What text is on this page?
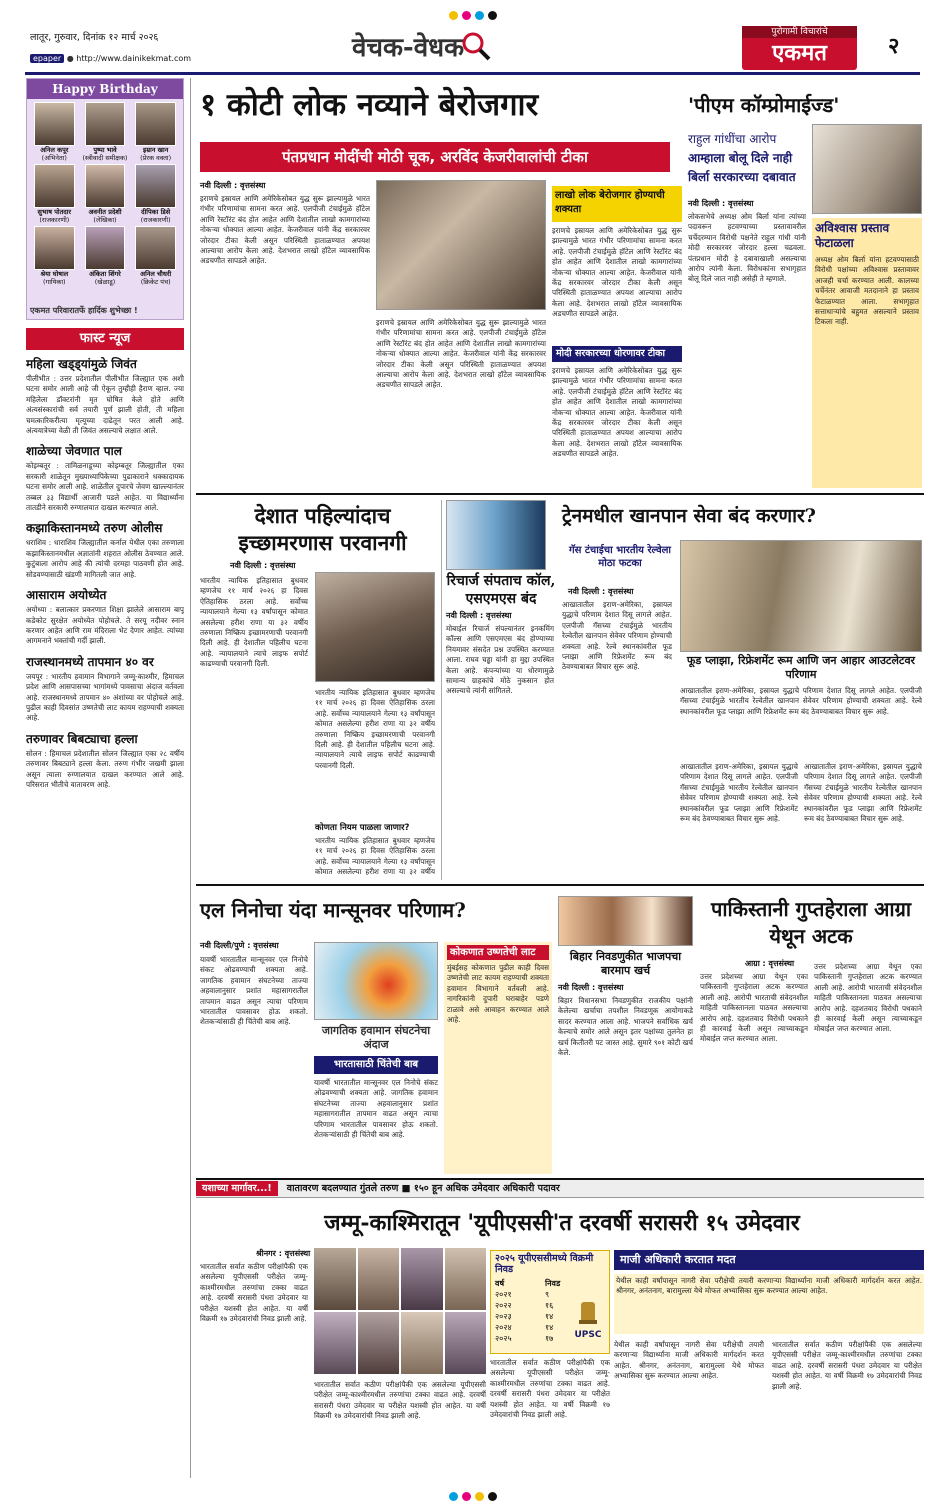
लातूर, गुरुवार, दिनांक १२ मार्च २०२६
epaper ● http://www.dainikekmat.com	वेचक-वेधक
पुरोगामी विचारांचे
एकमत	२
Happy Birthday
अनिल कपूर
(अभिनेता)
पुष्पा भावे
(स्त्रीवादी समीक्षक)
इम्रान खान
(प्रेरक वक्ता)
सुभाष पोतदार
(राजकारणी)
अवनीत प्रदेशी
(लेखिका)
दीपिका डिसे
(राजकारणी)
श्रेया घोषाल
(गायिका)
अंकिता शिंगरे
(खेळाडू)
अनिल चौधरी
(क्रिकेट पंच)
एकमत परिवारातर्फे हार्दिक शुभेच्छा !
फास्ट न्यूज
महिला खड्ड्यांमुळे जिवंत
पीलीभीत : उत्तर प्रदेशातील पीलीभीत जिल्ह्यात एक अशी घटना समोर आली आहे जी ऐकून तुम्हीही हैराण व्हाल. ज्या महिलेला डॉक्टरांनी मृत घोषित केले होते आणि अंत्यसंस्कारांची सर्व तयारी पूर्ण झाली होती, ती महिला चमत्कारिकरीत्या मृत्यूच्या दाढेतून परत आली आहे. अंत्ययात्रेच्या वेळी ती जिवंत असल्याचे लक्षात आले.
शाळेच्या जेवणात पाल
कोइम्बतूर : तामिळनाडूच्या कोइम्बतूर जिल्ह्यातील एका सरकारी शाळेतून मुख्याध्यापिकेच्या पुढाकाराने धक्कादायक घटना समोर आली आहे. शाळेतील दुपारचे जेवण खाल्ल्यानंतर तब्बल ३३ विद्यार्थी आजारी पडले आहेत. या विद्यार्थ्यांना तातडीने सरकारी रुग्णालयात दाखल करण्यात आले.
कझाकिस्तानमध्ये तरुण ओलीस
धराशिव : धाराशिव जिल्ह्यातील कर्नाल येथील एका तरुणाला कझाकिस्तानमधील अज्ञातांनी शहरात ओलीस ठेवण्यात आले. कुटुंबाला आरोप आहे की त्यांची दरमहा पाठवणी होत आहे. सोडवण्यासाठी खंडणी मागितली जात आहे.
आसाराम अयोध्येत
अयोध्या : बलात्कार प्रकरणात शिक्षा झालेले आसाराम बापू कडेकोट सुरक्षेत अयोध्येत पोहोचले. ते सरयू नदीवर स्नान करणार आहेत आणि राम मंदिराला भेट देणार आहेत. त्यांच्या आगमनाने भक्तांची गर्दी झाली.
राजस्थानमध्ये तापमान ४० वर
जयपूर : भारतीय हवामान विभागाने जम्मू-काश्मीर, हिमाचल प्रदेश आणि आसपासच्या भागांमध्ये पावसाचा अंदाज वर्तवला आहे. राजस्थानमध्ये तापमान ४० अंशांच्या वर पोहोचले आहे. पुढील काही दिवसांत उष्णतेची लाट कायम राहण्याची शक्यता आहे.
तरुणावर बिबट्याचा हल्ला
सोलन : हिमाचल प्रदेशातील सोलन जिल्ह्यात एका २८ वर्षीय तरुणावर बिबट्याने हल्ला केला. तरुण गंभीर जखमी झाला असून त्याला रुग्णालयात दाखल करण्यात आले आहे. परिसरात भीतीचे वातावरण आहे.
१ कोटी लोक नव्याने बेरोजगार
पंतप्रधान मोदींची मोठी चूक, अरविंद केजरीवालांची टीका
नवी दिल्ली : वृत्तसंस्था
इराणचे इस्रायल आणि अमेरिकेसोबत युद्ध सुरू झाल्यामुळे भारत गंभीर परिणामांचा सामना करत आहे. एलपीजी टंचाईमुळे हॉटेल आणि रेस्टॉरंट बंद होत आहेत आणि देशातील लाखो कामगारांच्या नोकऱ्या धोक्यात आल्या आहेत. केजरीवाल यांनी केंद्र सरकारवर जोरदार टीका केली असून परिस्थिती हाताळण्यात अपयश आल्याचा आरोप केला आहे. देशभरात लाखो हॉटेल व्यावसायिक अडचणीत सापडले आहेत.
इराणचे इस्रायल आणि अमेरिकेसोबत युद्ध सुरू झाल्यामुळे भारत गंभीर परिणामांचा सामना करत आहे. एलपीजी टंचाईमुळे हॉटेल आणि रेस्टॉरंट बंद होत आहेत आणि देशातील लाखो कामगारांच्या नोकऱ्या धोक्यात आल्या आहेत. केजरीवाल यांनी केंद्र सरकारवर जोरदार टीका केली असून परिस्थिती हाताळण्यात अपयश आल्याचा आरोप केला आहे. देशभरात लाखो हॉटेल व्यावसायिक अडचणीत सापडले आहेत.
लाखो लोक बेरोजगार होण्याची शक्यता
इराणचे इस्रायल आणि अमेरिकेसोबत युद्ध सुरू झाल्यामुळे भारत गंभीर परिणामांचा सामना करत आहे. एलपीजी टंचाईमुळे हॉटेल आणि रेस्टॉरंट बंद होत आहेत आणि देशातील लाखो कामगारांच्या नोकऱ्या धोक्यात आल्या आहेत. केजरीवाल यांनी केंद्र सरकारवर जोरदार टीका केली असून परिस्थिती हाताळण्यात अपयश आल्याचा आरोप केला आहे. देशभरात लाखो हॉटेल व्यावसायिक अडचणीत सापडले आहेत.
मोदी सरकारच्या धोरणावर टीका
इराणचे इस्रायल आणि अमेरिकेसोबत युद्ध सुरू झाल्यामुळे भारत गंभीर परिणामांचा सामना करत आहे. एलपीजी टंचाईमुळे हॉटेल आणि रेस्टॉरंट बंद होत आहेत आणि देशातील लाखो कामगारांच्या नोकऱ्या धोक्यात आल्या आहेत. केजरीवाल यांनी केंद्र सरकारवर जोरदार टीका केली असून परिस्थिती हाताळण्यात अपयश आल्याचा आरोप केला आहे. देशभरात लाखो हॉटेल व्यावसायिक अडचणीत सापडले आहेत.
'पीएम कॉम्प्रोमाईज्ड'
राहुल गांधींचा आरोप
आम्हाला बोलू दिले नाही
बिर्ला सरकारच्या दबावात
नवी दिल्ली : वृत्तसंस्था
लोकसभेचे अध्यक्ष ओम बिर्ला यांना त्यांच्या पदावरून हटवण्याच्या प्रस्तावावरील चर्चेदरम्यान विरोधी पक्षनेते राहुल गांधी यांनी मोदी सरकारवर जोरदार हल्ला चढवला. पंतप्रधान मोदी हे दबावाखाली असल्याचा आरोप त्यांनी केला. विरोधकांना सभागृहात बोलू दिले जात नाही असेही ते म्हणाले.
अविश्वास प्रस्ताव फेटाळला
अध्यक्ष ओम बिर्ला यांना हटवण्यासाठी विरोधी पक्षांच्या अविश्वास प्रस्तावावर आजही चर्चा करण्यात आली. कालच्या चर्चेनंतर आवाजी मतदानाने हा प्रस्ताव फेटाळण्यात आला. सभागृहात सत्ताधाऱ्यांचे बहुमत असल्याने प्रस्ताव टिकला नाही.
देशात पहिल्यांदाच इच्छामरणास परवानगी
नवी दिल्ली : वृत्तसंस्था
भारतीय न्यायिक इतिहासात बुधवार म्हणजेच ११ मार्च २०२६ हा दिवस ऐतिहासिक ठरला आहे. सर्वोच्च न्यायालयाने गेल्या १३ वर्षांपासून कोमात असलेल्या हरीश राणा या ३२ वर्षीय तरुणाला निष्क्रिय इच्छामरणाची परवानगी दिली आहे. ही देशातील पहिलीच घटना आहे. न्यायालयाने त्याचे लाइफ सपोर्ट काढण्याची परवानगी दिली.
भारतीय न्यायिक इतिहासात बुधवार म्हणजेच ११ मार्च २०२६ हा दिवस ऐतिहासिक ठरला आहे. सर्वोच्च न्यायालयाने गेल्या १३ वर्षांपासून कोमात असलेल्या हरीश राणा या ३२ वर्षीय तरुणाला निष्क्रिय इच्छामरणाची परवानगी दिली आहे. ही देशातील पहिलीच घटना आहे. न्यायालयाने त्याचे लाइफ सपोर्ट काढण्याची परवानगी दिली.
कोणता नियम पाळला जाणार?
भारतीय न्यायिक इतिहासात बुधवार म्हणजेच ११ मार्च २०२६ हा दिवस ऐतिहासिक ठरला आहे. सर्वोच्च न्यायालयाने गेल्या १३ वर्षांपासून कोमात असलेल्या हरीश राणा या ३२ वर्षीय
रिचार्ज संपताच कॉल, एसएमएस बंद
नवी दिल्ली : वृत्तसंस्था
मोबाईल रिचार्ज संपल्यानंतर इनकमिंग कॉल्स आणि एसएमएस बंद होण्याच्या नियमावर संसदेत प्रश्न उपस्थित करण्यात आला. राघव चड्ढा यांनी हा मुद्दा उपस्थित केला आहे. कंपन्यांच्या या धोरणामुळे सामान्य ग्राहकांचे मोठे नुकसान होत असल्याचे त्यांनी सांगितले.
ट्रेनमधील खानपान सेवा बंद करणार?
गॅस टंचाईचा भारतीय रेल्वेला मोठा फटका
नवी दिल्ली : वृत्तसंस्था
आखातातील इराण-अमेरिका, इस्रायल युद्धाचे परिणाम देशात दिसू लागले आहेत. एलपीजी गॅसच्या टंचाईमुळे भारतीय रेल्वेतील खानपान सेवेवर परिणाम होण्याची शक्यता आहे. रेल्वे स्थानकांवरील फूड प्लाझा आणि रिफ्रेशमेंट रूम बंद ठेवण्याबाबत विचार सुरू आहे.	फूड प्लाझा, रिफ्रेशमेंट रूम आणि जन आहार आउटलेटवर परिणाम
आखातातील इराण-अमेरिका, इस्रायल युद्धाचे परिणाम देशात दिसू लागले आहेत. एलपीजी गॅसच्या टंचाईमुळे भारतीय रेल्वेतील खानपान सेवेवर परिणाम होण्याची शक्यता आहे. रेल्वे स्थानकांवरील फूड प्लाझा आणि रिफ्रेशमेंट रूम बंद ठेवण्याबाबत विचार सुरू आहे.
आखातातील इराण-अमेरिका, इस्रायल युद्धाचे परिणाम देशात दिसू लागले आहेत. एलपीजी गॅसच्या टंचाईमुळे भारतीय रेल्वेतील खानपान सेवेवर परिणाम होण्याची शक्यता आहे. रेल्वे स्थानकांवरील फूड प्लाझा आणि रिफ्रेशमेंट रूम बंद ठेवण्याबाबत विचार सुरू आहे.
आखातातील इराण-अमेरिका, इस्रायल युद्धाचे परिणाम देशात दिसू लागले आहेत. एलपीजी गॅसच्या टंचाईमुळे भारतीय रेल्वेतील खानपान सेवेवर परिणाम होण्याची शक्यता आहे. रेल्वे स्थानकांवरील फूड प्लाझा आणि रिफ्रेशमेंट रूम बंद ठेवण्याबाबत विचार सुरू आहे.
एल निनोचा यंदा मान्सूनवर परिणाम?
नवी दिल्ली/पुणे : वृत्तसंस्था
यावर्षी भारतातील मान्सूनवर एल निनोचे संकट ओढवण्याची शक्यता आहे. जागतिक हवामान संघटनेच्या ताज्या अहवालानुसार प्रशांत महासागरातील तापमान वाढत असून त्याचा परिणाम भारतातील पावसावर होऊ शकतो. शेतकऱ्यांसाठी ही चिंतेची बाब आहे.
जागतिक हवामान संघटनेचा अंदाज
भारतासाठी चिंतेची बाब
यावर्षी भारतातील मान्सूनवर एल निनोचे संकट ओढवण्याची शक्यता आहे. जागतिक हवामान संघटनेच्या ताज्या अहवालानुसार प्रशांत महासागरातील तापमान वाढत असून त्याचा परिणाम भारतातील पावसावर होऊ शकतो. शेतकऱ्यांसाठी ही चिंतेची बाब आहे.
कोकणात उष्णतेची लाट
मुंबईसह कोकणात पुढील काही दिवस उष्णतेची लाट कायम राहण्याची शक्यता हवामान विभागाने वर्तवली आहे. नागरिकांनी दुपारी घराबाहेर पडणे टाळावे असे आवाहन करण्यात आले आहे.
बिहार निवडणुकीत भाजपचा बारमाप खर्च
नवी दिल्ली : वृत्तसंस्था
बिहार विधानसभा निवडणुकीत राजकीय पक्षांनी केलेल्या खर्चाचा तपशील निवडणूक आयोगाकडे सादर करण्यात आला आहे. भाजपने सर्वाधिक खर्च केल्याचे समोर आले असून इतर पक्षांच्या तुलनेत हा खर्च कितीतरी पट जास्त आहे. सुमारे ९०१ कोटी खर्च केले.
पाकिस्तानी गुप्तहेराला आग्रा येथून अटक
आग्रा : वृत्तसंस्था
उत्तर प्रदेशच्या आग्रा येथून एका पाकिस्तानी गुप्तहेराला अटक करण्यात आली आहे. आरोपी भारताची संवेदनशील माहिती पाकिस्तानला पाठवत असल्याचा आरोप आहे. दहशतवाद विरोधी पथकाने ही कारवाई केली असून त्याच्याकडून मोबाईल जप्त करण्यात आला.
उत्तर प्रदेशच्या आग्रा येथून एका पाकिस्तानी गुप्तहेराला अटक करण्यात आली आहे. आरोपी भारताची संवेदनशील माहिती पाकिस्तानला पाठवत असल्याचा आरोप आहे. दहशतवाद विरोधी पथकाने ही कारवाई केली असून त्याच्याकडून मोबाईल जप्त करण्यात आला.
यशाच्या मार्गावर...! वातावरण बदलण्यात गुंतले तरुण ■ १५० हून अधिक उमेदवार अधिकारी पदावर
जम्मू-काश्मिरातून 'यूपीएससी'त दरवर्षी सरासरी १५ उमेदवार
श्रीनगर : वृत्तसंस्था
भारतातील सर्वात कठीण परीक्षांपैकी एक असलेल्या यूपीएससी परीक्षेत जम्मू-काश्मीरमधील तरुणांचा टक्का वाढत आहे. दरवर्षी सरासरी पंधरा उमेदवार या परीक्षेत यशस्वी होत आहेत. या वर्षी विक्रमी १७ उमेदवारांची निवड झाली आहे.
भारतातील सर्वात कठीण परीक्षांपैकी एक असलेल्या यूपीएससी परीक्षेत जम्मू-काश्मीरमधील तरुणांचा टक्का वाढत आहे. दरवर्षी सरासरी पंधरा उमेदवार या परीक्षेत यशस्वी होत आहेत. या वर्षी विक्रमी १७ उमेदवारांची निवड झाली आहे.
२०२५ यूपीएससीमध्ये विक्रमी निवड
वर्ष	निवड
२०२१	९
२०२२	१६
२०२३	१४
२०२४	१४
२०२५	१७	UPSC
भारतातील सर्वात कठीण परीक्षांपैकी एक असलेल्या यूपीएससी परीक्षेत जम्मू-काश्मीरमधील तरुणांचा टक्का वाढत आहे. दरवर्षी सरासरी पंधरा उमेदवार या परीक्षेत यशस्वी होत आहेत. या वर्षी विक्रमी १७ उमेदवारांची निवड झाली आहे.
माजी अधिकारी करतात मदत
येथील काही वर्षांपासून नागरी सेवा परीक्षेची तयारी करणाऱ्या विद्यार्थ्यांना माजी अधिकारी मार्गदर्शन करत आहेत. श्रीनगर, अनंतनाग, बारामुल्ला येथे मोफत अभ्यासिका सुरू करण्यात आल्या आहेत.
येथील काही वर्षांपासून नागरी सेवा परीक्षेची तयारी करणाऱ्या विद्यार्थ्यांना माजी अधिकारी मार्गदर्शन करत आहेत. श्रीनगर, अनंतनाग, बारामुल्ला येथे मोफत अभ्यासिका सुरू करण्यात आल्या आहेत.
भारतातील सर्वात कठीण परीक्षांपैकी एक असलेल्या यूपीएससी परीक्षेत जम्मू-काश्मीरमधील तरुणांचा टक्का वाढत आहे. दरवर्षी सरासरी पंधरा उमेदवार या परीक्षेत यशस्वी होत आहेत. या वर्षी विक्रमी १७ उमेदवारांची निवड झाली आहे.
